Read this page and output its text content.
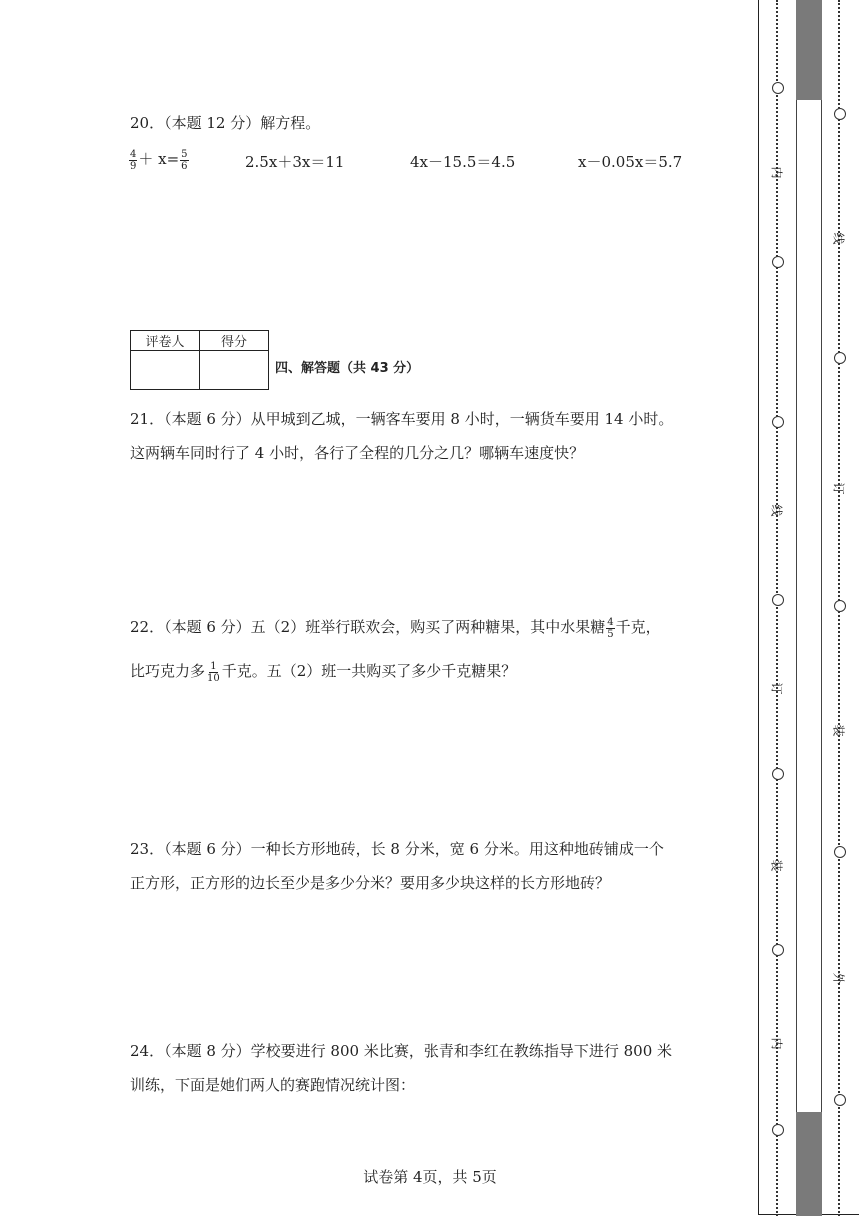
20．（本题 12 分）解方程。
$\frac{4}{9} + x= \frac{5}{6}$	2.5x＋3x＝11	4x－15.5＝4.5	x－0.05x＝5.7
评卷人	得分

四、解答题（共 43 分）
21．（本题 6 分）从甲城到乙城，一辆客车要用 8 小时，一辆货车要用 14 小时。
这两辆车同时行了 4 小时，各行了全程的几分之几？哪辆车速度快？
22．（本题 6 分）五（2）班举行联欢会，购买了两种糖果，其中水果糖 $\frac{4}{5}$ 千克，
比巧克力多 $\frac{1}{10}$ 千克。五（2）班一共购买了多少千克糖果？
23．（本题 6 分）一种长方形地砖，长 8 分米，宽 6 分米。用这种地砖铺成一个
正方形，正方形的边长至少是多少分米？要用多少块这样的长方形地砖？
24．（本题 8 分）学校要进行 800 米比赛，张青和李红在教练指导下进行 800 米
训练，下面是她们两人的赛跑情况统计图：
试卷第 4页，共 5页
内
线
订
装
内
线
订
装
外
